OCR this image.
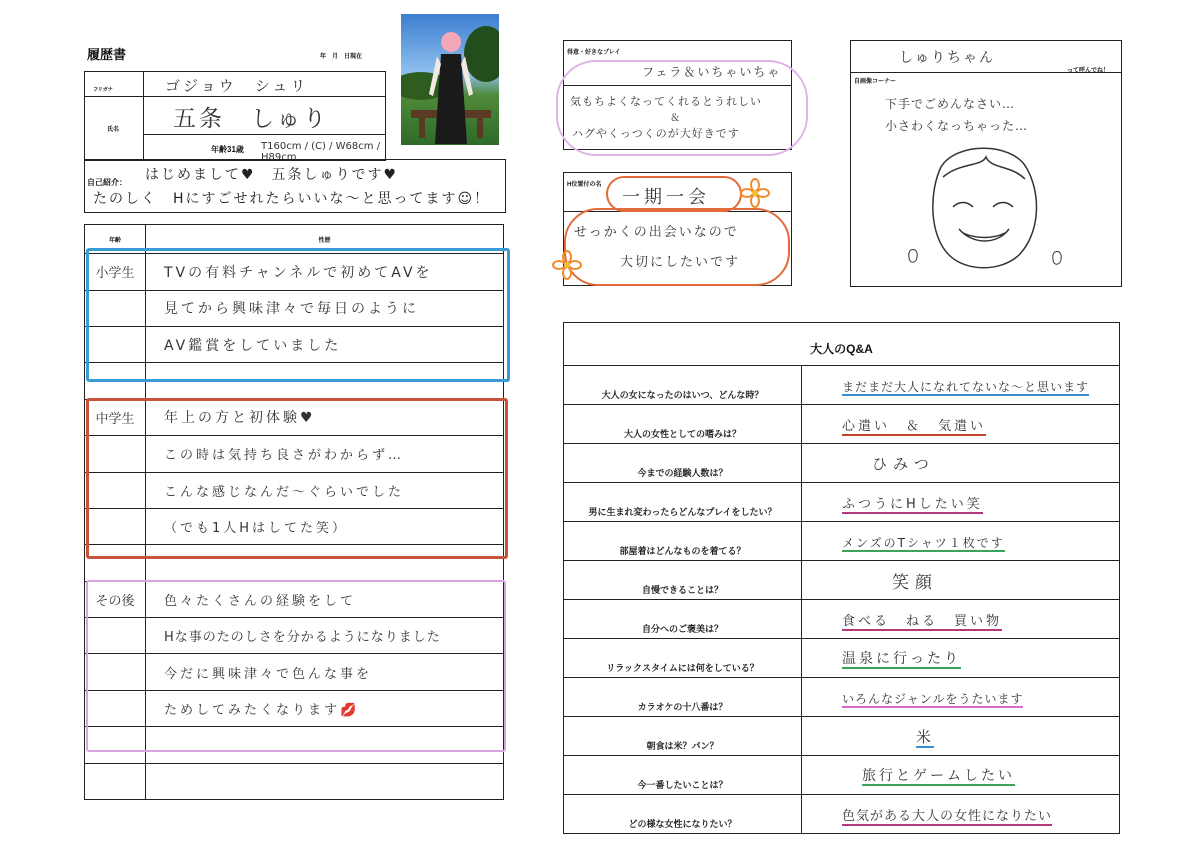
履歴書	年　月　日現在
フリガナ	ゴジョウ　シュリ
氏名 五条　しゅり
年齢31歳 T160cm / (C) / W68cm / H89cm
自己紹介： はじめまして♥　五条しゅりです♥
たのしく　Hにすごせれたらいいな〜と思ってます☺！
年齢	性歴
小学生	TVの有料チャンネルで初めてAVを
	見てから興味津々で毎日のように
	AV鑑賞をしていました

中学生	年上の方と初体験♥
	この時は気持ち良さがわからず…
	こんな感じなんだ〜ぐらいでした
	（でも1人Hはしてた笑）

その後	色々たくさんの経験をして
	Hな事のたのしさを分かるようになりました
	今だに興味津々で色んな事を
	ためしてみたくなります💋

得意・好きなプレイ
フェラ＆いちゃいちゃ
気もちよくなってくれるとうれしい
＆
ハグやくっつくのが大好きです
H位置付の名
一期一会
せっかくの出会いなので
大切にしたいです
しゅりちゃん
って呼んでね！
自画像コーナー
下手でごめんなさい…
小さわくなっちゃった…
大人のQ&A	
大人の女になったのはいつ、どんな時？	まだまだ大人になれてないな〜と思います
大人の女性としての嗜みは？	心遣い　＆　気遣い
今までの経験人数は？	ひみつ
男に生まれ変わったらどんなプレイをしたい？	ふつうにHしたい笑
部屋着はどんなものを着てる？	メンズのTシャツ１枚です
自慢できることは？	笑顔
自分へのご褒美は？	食べる　ねる　買い物
リラックスタイムには何をしている？	温泉に行ったり
カラオケの十八番は？	いろんなジャンルをうたいます
朝食は米？パン？	米
今一番したいことは？	旅行とゲームしたい
どの様な女性になりたい？	色気がある大人の女性になりたい
